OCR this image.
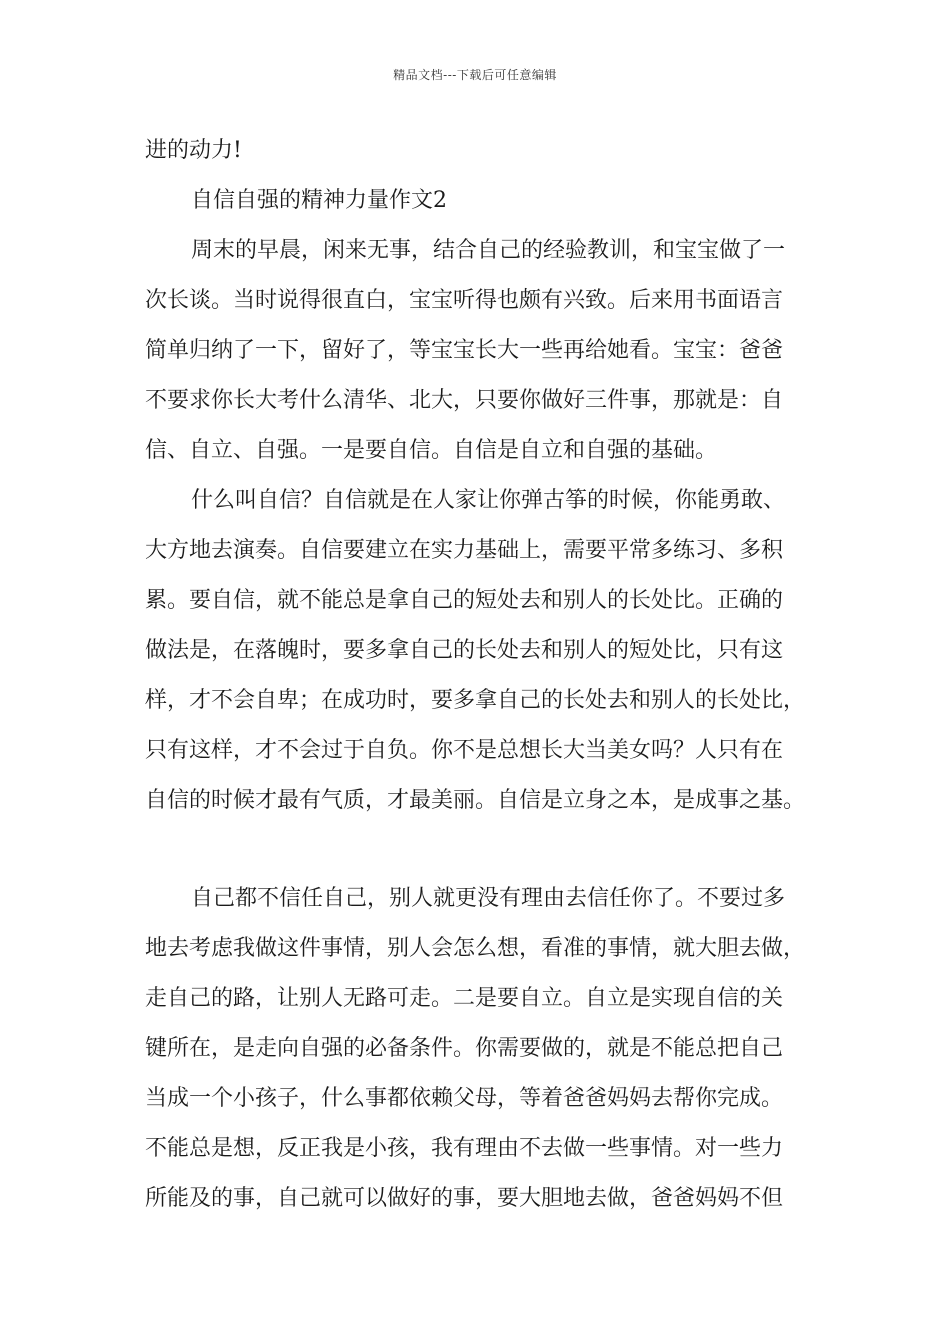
精品文档---下载后可任意编辑
进的动力!
自信自强的精神力量作文2
周末的早晨，闲来无事，结合自己的经验教训，和宝宝做了一
次长谈。当时说得很直白，宝宝听得也颇有兴致。后来用书面语言
简单归纳了一下，留好了，等宝宝长大一些再给她看。宝宝：爸爸
不要求你长大考什么清华、北大，只要你做好三件事，那就是：自
信、自立、自强。一是要自信。自信是自立和自强的基础。
什么叫自信？自信就是在人家让你弹古筝的时候，你能勇敢、
大方地去演奏。自信要建立在实力基础上，需要平常多练习、多积
累。要自信，就不能总是拿自己的短处去和别人的长处比。正确的
做法是，在落魄时，要多拿自己的长处去和别人的短处比，只有这
样，才不会自卑；在成功时，要多拿自己的长处去和别人的长处比，
只有这样，才不会过于自负。你不是总想长大当美女吗？人只有在
自信的时候才最有气质，才最美丽。自信是立身之本，是成事之基。
自己都不信任自己，别人就更没有理由去信任你了。不要过多
地去考虑我做这件事情，别人会怎么想，看准的事情，就大胆去做，
走自己的路，让别人无路可走。二是要自立。自立是实现自信的关
键所在，是走向自强的必备条件。你需要做的，就是不能总把自己
当成一个小孩子，什么事都依赖父母，等着爸爸妈妈去帮你完成。
不能总是想，反正我是小孩，我有理由不去做一些事情。对一些力
所能及的事，自己就可以做好的事，要大胆地去做，爸爸妈妈不但
